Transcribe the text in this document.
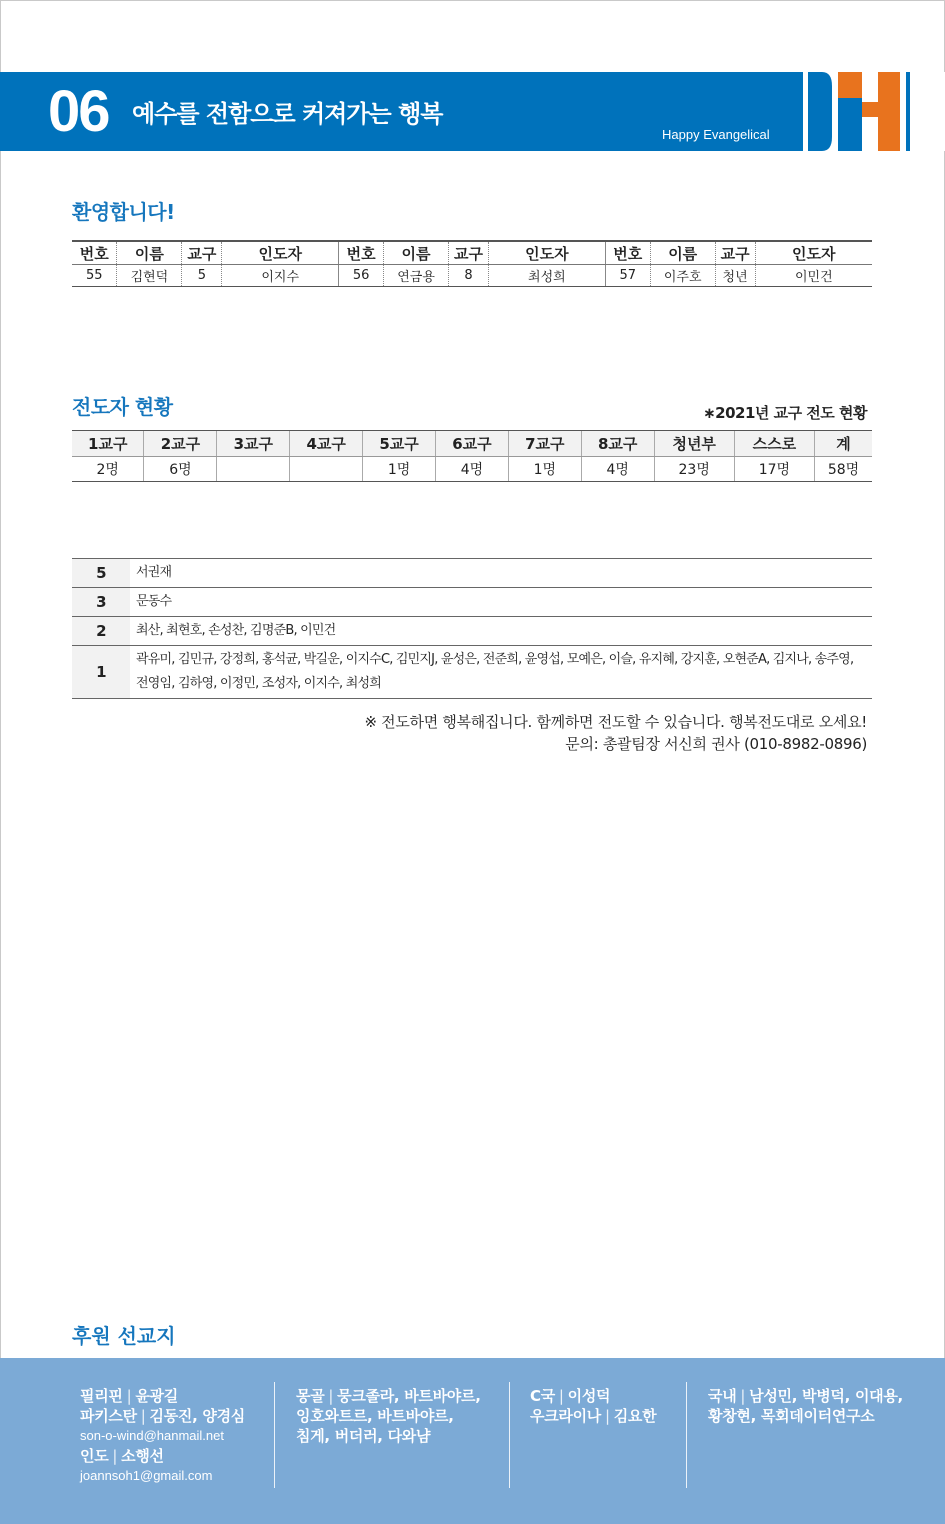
06 예수를 전함으로 커져가는 행복
Happy Evangelical
환영합니다!
번호	이름	교구	인도자	번호	이름	교구	인도자	번호	이름	교구	인도자
55	김현덕	5	이지수	56	연금용	8	최성희	57	이주호	청년	이민건
전도자 현황	∗2021년 교구 전도 현황
1교구	2교구	3교구	4교구	5교구	6교구	7교구	8교구	청년부	스스로	계
2명	6명			1명	4명	1명	4명	23명	17명	58명
5	서권재
3	문동수
2	최산, 최현호, 손성찬, 김명준B, 이민건
1	곽유미, 김민규, 강정희, 홍석균, 박길운, 이지수C, 김민지J, 윤성은, 전준희, 윤영섭, 모예은, 이슬, 유지혜, 강지훈, 오현준A, 김지나, 송주영, 전영임, 김하영, 이정민, 조성자, 이지수, 최성희
※ 전도하면 행복해집니다. 함께하면 전도할 수 있습니다. 행복전도대로 오세요!
문의: 총괄팀장 서신희 권사 (010-8982-0896)
후원 선교지
필리핀 | 윤광길
파키스탄 | 김동진, 양경심
son-o-wind@hanmail.net
인도 | 소행선
joannsoh1@gmail.com
몽골 | 뭉크졸라, 바트바야르,
잉호와트르, 바트바야르,
침게, 버더러, 다와냠
C국 | 이성덕
우크라이나 | 김요한
국내 | 남성민, 박병덕, 이대용,
황창현, 목회데이터연구소
